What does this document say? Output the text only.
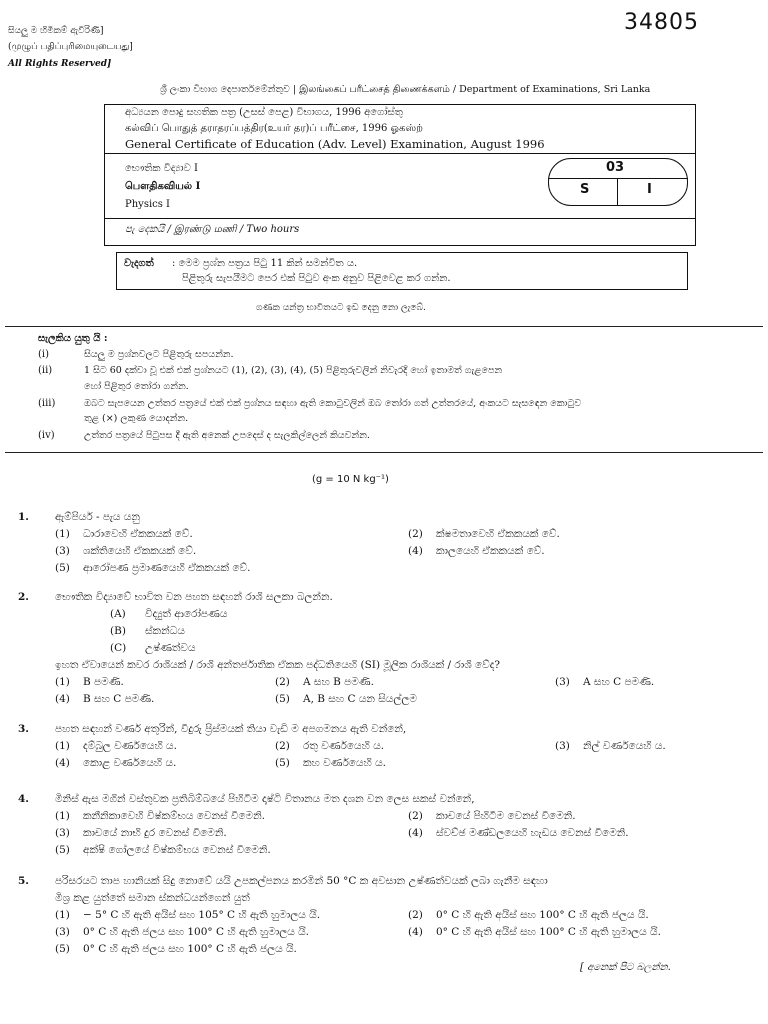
34805
සියලු ම හිමිකම් ඇවිරිණි]
(முழுப் பதிப்புரிமையுடையது]
All Rights Reserved]
ශ්‍රී ලංකා විභාග දෙපාර්තමේන්තුව | இலங்கைப் பரீட்சைத் திணைக்களம் / Department of Examinations, Sri Lanka
අධ්‍යයන පොදු සහතික පත්‍ර (උසස් පෙළ) විභාගය, 1996 අගෝස්තු
கல்விப் பொதுத் தராதரப்பத்திர(உயர் தர)ப் பரீட்சை, 1996 ஓகஸ்ற்
General Certificate of Education (Adv. Level) Examination, August 1996
භෞතික විද්‍යාව I
பௌதிகவியல் I
Physics I
03
S	I
පැ දෙකයි / இரண்டு மணி / Two hours
වැදගත් : මෙම ප්‍රශ්න පත්‍රය පිටු 11 කින් සමන්විත ය.
පිළිතුරු සැපයීමට පෙර එක් පිටුව අංක අනුව පිළිවෙළ කර ගන්න.
ගණක යන්ත්‍ර භාවිතයට ඉඩ දෙනු නො ලැබේ.
සැලකිය යුතු යි :
(i)	සියලු ම ප්‍රශ්නවලට පිළිතුරු සපයන්න.
(ii)	1 සිට 60 දක්වා වූ එක් එක් ප්‍රශ්නයට (1), (2), (3), (4), (5) පිළිතුරුවලින් නිවැරදි හෝ ඉතාමත් ගැළපෙන
හෝ පිළිතුර තෝරා ගන්න.
(iii)	ඔබට සැපයෙන උත්තර පත්‍රයේ එක් එක් ප්‍රශ්නය සඳහා ඇති කොටුවලින් ඔබ තෝරා ගත් උත්තරයේ, අංකයට සැසඳෙන කොටුව
තුළ (×) ලකුණ යොදන්න.
(iv)	උත්තර පත්‍රයේ පිටුපස දී ඇති අනෙක් උපදෙස් ද සැලකිල්ලෙන් කියවන්න.
(g = 10 N kg⁻¹)
1. ඇම්පියර් - පැය යනු
(1) ධාරාවෙහි ඒකකයක් වේ.	(2) ක්ෂමතාවෙහි ඒකකයක් වේ.
(3) ශක්තියෙහි ඒකකයක් වේ.	(4) කාලයෙහි ඒකකයක් වේ.
(5) ආරෝපණ ප්‍රමාණයෙහි ඒකකයක් වේ.
2. භෞතික විද්‍යාවේ භාවිත වන පහත සඳහන් රාශි සලකා බලන්න.
(A) විද්‍යුත් ආරෝපණය
(B) ස්කන්ධය
(C) උෂ්ණත්වය
ඉහත ඒවායෙන් කවර රාශියක් / රාශි අන්තර්ජාතික ඒකක පද්ධතියෙහි (SI) මූලික රාශියක් / රාශි වේද?
(1) B පමණි.	(2) A සහ B පමණි.	(3) A සහ C පමණි.
(4) B සහ C පමණි.	(5) A, B සහ C යන සියල්ලම
3. පහත සඳහන් වර්ණ අතුරින්, වීදුරු ප්‍රිස්මයක් තියා වැඩි ම අපගමනය ඇති වන්නේ,
(1) දම්බුල වර්ණයෙහි ය.	(2) රතු වර්ණයෙහි ය.	(3) නිල් වර්ණයෙහි ය.
(4) කොළ වර්ණයෙහි ය.	(5) කහ වර්ණයෙහි ය.
4. මිනිස් ඇස මගින් වස්තුවක ප්‍රතිබිම්බයේ පිහිටීම දෘෂ්ටි විතානය මත දශන වන ලෙස සකස් වන්නේ,
(1) කනීනිකාවෙහි විෂ්කම්භය වෙනස් වීමෙනි.	(2) කාචයේ පිහිටීම වෙනස් වීමෙනි.
(3) කාචයේ නාභි දුර වෙනස් වීමෙනි.	(4) ස්වච්ඡ මණ්ඩලයෙහි හැඩය වෙනස් වීමෙනි.
(5) අක්ෂි ගෝලයේ විෂ්කම්භය වෙනස් වීමෙනි.
5. පරිසරයට තාප හානියක් සිදු නොවේ යයි උපකල්පනය කරමින් 50 °C ක අවසාන උෂ්ණත්වයක් ලබා ගැනීම සඳහා
මිශ්‍ර කළ යුත්තේ සමාන ස්කන්ධයන්ගෙන් යුත්
(1) − 5° C හි ඇති අයිස් සහ 105° C හි ඇති හුමාලය යි.	(2) 0° C හි ඇති අයිස් සහ 100° C හි ඇති ජලය යි.
(3) 0° C හි ඇති ජලය සහ 100° C හි ඇති හුමාලය යි.	(4) 0° C හි ඇති අයිස් සහ 100° C හි ඇති හුමාලය යි.
(5) 0° C හි ඇති ජලය සහ 100° C හි ඇති ජලය යි.
[ අනෙක් පිට බලන්න.
